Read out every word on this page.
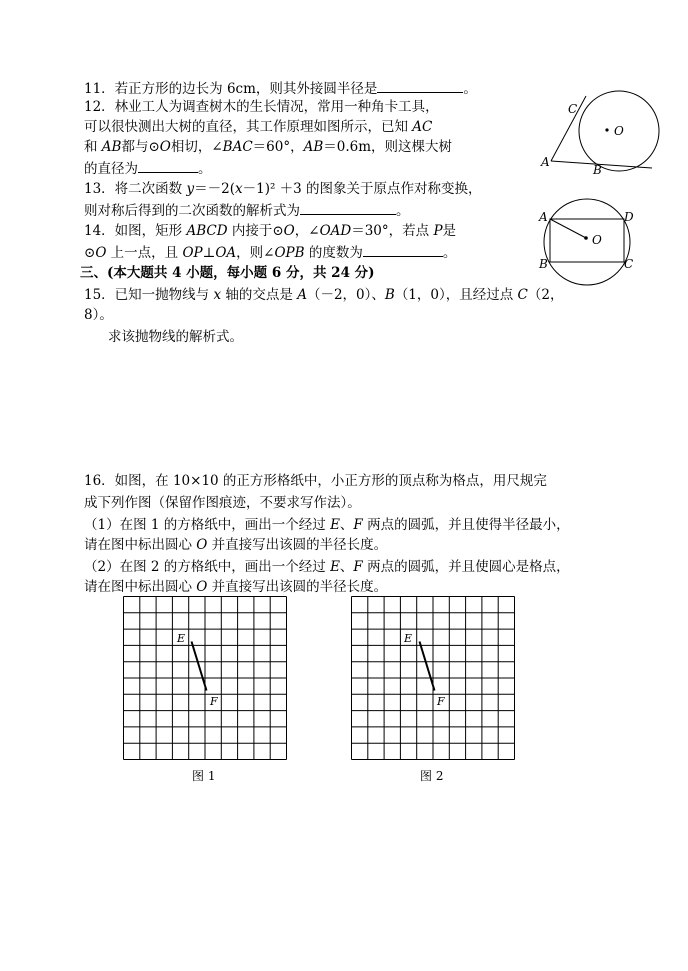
11．若正方形的边长为 6cm，则其外接圆半径是	。
12．林业工人为调查树木的生长情况，常用一种角卡工具，
可以很快测出大树的直径，其工作原理如图所示，已知 AC
和 AB都与⊙O相切，∠BAC＝60°，AB＝0.6m，则这棵大树
的直径为	。
13．将二次函数 y＝－2(x－1)² ＋3 的图象关于原点作对称变换，
则对称后得到的二次函数的解析式为	。
14．如图，矩形 ABCD 内接于⊙O，∠OAD＝30°，若点 P是
⊙O 上一点，且 OP⊥OA，则∠OPB 的度数为	。
三、(本大题共 4 小题，每小题 6 分，共 24 分)
15．已知一抛物线与 x 轴的交点是 A（－2，0）、B（1，0），且经过点 C（2，
8）。
求该抛物线的解析式。
16．如图，在 10×10 的正方形格纸中，小正方形的顶点称为格点，用尺规完
成下列作图（保留作图痕迹，不要求写作法）。
（1）在图 1 的方格纸中，画出一个经过 E、F 两点的圆弧，并且使得半径最小，
请在图中标出圆心 O 并直接写出该圆的半径长度。
（2）在图 2 的方格纸中，画出一个经过 E、F 两点的圆弧，并且使圆心是格点，
请在图中标出圆心 O 并直接写出该圆的半径长度。
C
O
A
B
A	D
O
B	C
E
F
图 1
E
F
图 2
